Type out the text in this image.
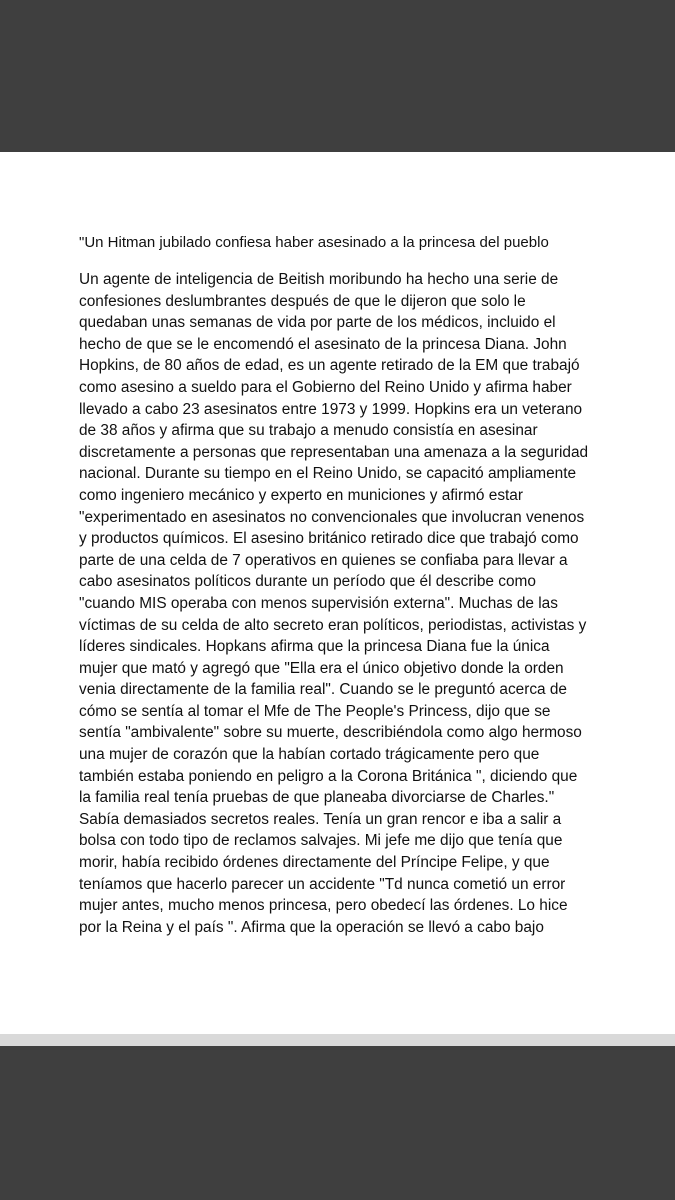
"Un Hitman jubilado confiesa haber asesinado a la princesa del pueblo

Un agente de inteligencia de Beitish moribundo ha hecho una serie de
confesiones deslumbrantes después de que le dijeron que solo le
quedaban unas semanas de vida por parte de los médicos, incluido el
hecho de que se le encomendó el asesinato de la princesa Diana. John
Hopkins, de 80 años de edad, es un agente retirado de la EM que trabajó
como asesino a sueldo para el Gobierno del Reino Unido y afirma haber
llevado a cabo 23 asesinatos entre 1973 y 1999. Hopkins era un veterano
de 38 años y afirma que su trabajo a menudo consistía en asesinar
discretamente a personas que representaban una amenaza a la seguridad
nacional. Durante su tiempo en el Reino Unido, se capacitó ampliamente
como ingeniero mecánico y experto en municiones y afirmó estar
"experimentado en asesinatos no convencionales que involucran venenos
y productos químicos. El asesino británico retirado dice que trabajó como
parte de una celda de 7 operativos en quienes se confiaba para llevar a
cabo asesinatos políticos durante un período que él describe como
"cuando MIS operaba con menos supervisión externa". Muchas de las
víctimas de su celda de alto secreto eran políticos, periodistas, activistas y
líderes sindicales. Hopkans afirma que la princesa Diana fue la única
mujer que mató y agregó que "Ella era el único objetivo donde la orden
venia directamente de la familia real". Cuando se le preguntó acerca de
cómo se sentía al tomar el Mfe de The People's Princess, dijo que se
sentía "ambivalente" sobre su muerte, describiéndola como algo hermoso
una mujer de corazón que la habían cortado trágicamente pero que
también estaba poniendo en peligro a la Corona Británica ", diciendo que
la familia real tenía pruebas de que planeaba divorciarse de Charles."
Sabía demasiados secretos reales. Tenía un gran rencor e iba a salir a
bolsa con todo tipo de reclamos salvajes. Mi jefe me dijo que tenía que
morir, había recibido órdenes directamente del Príncipe Felipe, y que
teníamos que hacerlo parecer un accidente "Td nunca cometió un error
mujer antes, mucho menos princesa, pero obedecí las órdenes. Lo hice
por la Reina y el país ". Afirma que la operación se llevó a cabo bajo
